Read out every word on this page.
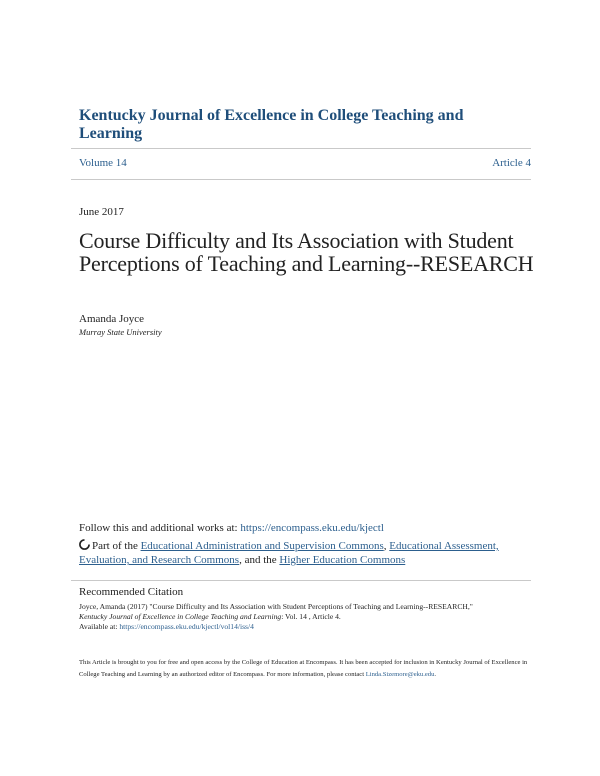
Kentucky Journal of Excellence in College Teaching and Learning
Volume 14	Article 4
June 2017
Course Difficulty and Its Association with Student Perceptions of Teaching and Learning--RESEARCH
Amanda Joyce
Murray State University
Follow this and additional works at: https://encompass.eku.edu/kjectl
Part of the Educational Administration and Supervision Commons, Educational Assessment, Evaluation, and Research Commons, and the Higher Education Commons
Recommended Citation
Joyce, Amanda (2017) "Course Difficulty and Its Association with Student Perceptions of Teaching and Learning--RESEARCH,"
Kentucky Journal of Excellence in College Teaching and Learning: Vol. 14 , Article 4.
Available at: https://encompass.eku.edu/kjectl/vol14/iss/4
This Article is brought to you for free and open access by the College of Education at Encompass. It has been accepted for inclusion in Kentucky Journal of Excellence in College Teaching and Learning by an authorized editor of Encompass. For more information, please contact Linda.Sizemore@eku.edu.
